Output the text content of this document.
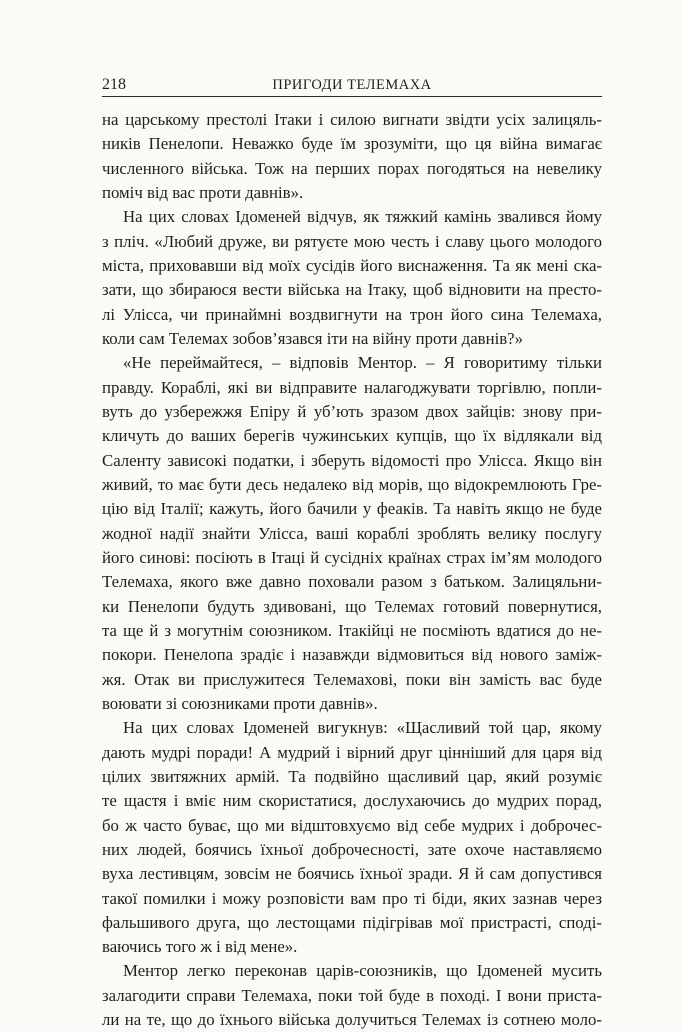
218	ПРИГОДИ ТЕЛЕМАХА
на царському престолі Ітаки і силою вигнати звідти усіх залицяль-
ників Пенелопи. Неважко буде їм зрозуміти, що ця війна вимагає
численного війська. Тож на перших порах погодяться на невелику
поміч від вас проти давнів».
На цих словах Ідоменей відчув, як тяжкий камінь звалився йому
з пліч. «Любий друже, ви рятуєте мою честь і славу цього молодого
міста, приховавши від моїх сусідів його виснаження. Та як мені ска-
зати, що збираюся вести війська на Ітаку, щоб відновити на престо-
лі Улісса, чи принаймні воздвигнути на трон його сина Телемаха,
коли сам Телемах зобов’язався іти на війну проти давнів?»
«Не переймайтеся, – відповів Ментор. – Я говоритиму тільки
правду. Кораблі, які ви відправите налагоджувати торгівлю, попли-
вуть до узбережжя Епіру й уб’ють зразом двох зайців: знову при-
кличуть до ваших берегів чужинських купців, що їх відлякали від
Саленту зависокі податки, і зберуть відомості про Улісса. Якщо він
живий, то має бути десь недалеко від морів, що відокремлюють Гре-
цію від Італії; кажуть, його бачили у феаків. Та навіть якщо не буде
жодної надії знайти Улісса, ваші кораблі зроблять велику послугу
його синові: посіють в Ітаці й сусідніх країнах страх ім’ям молодого
Телемаха, якого вже давно поховали разом з батьком. Залицяльни-
ки Пенелопи будуть здивовані, що Телемах готовий повернутися,
та ще й з могутнім союзником. Ітакійці не посміють вдатися до не-
покори. Пенелопа зрадіє і назавжди відмовиться від нового заміж-
жя. Отак ви прислужитеся Телемахові, поки він замість вас буде
воювати зі союзниками проти давнів».
На цих словах Ідоменей вигукнув: «Щасливий той цар, якому
дають мудрі поради! А мудрий і вірний друг цінніший для царя від
цілих звитяжних армій. Та подвійно щасливий цар, який розуміє
те щастя і вміє ним скористатися, дослухаючись до мудрих порад,
бо ж часто буває, що ми відштовхуємо від себе мудрих і доброчес-
них людей, боячись їхньої доброчесності, зате охоче наставляємо
вуха лестивцям, зовсім не боячись їхньої зради. Я й сам допустився
такої помилки і можу розповісти вам про ті біди, яких зазнав через
фальшивого друга, що лестощами підігрівав мої пристрасті, споді-
ваючись того ж і від мене».
Ментор легко переконав царів-союзників, що Ідоменей мусить
залагодити справи Телемаха, поки той буде в поході. І вони приста-
ли на те, що до їхнього війська долучиться Телемах із сотнею моло-
